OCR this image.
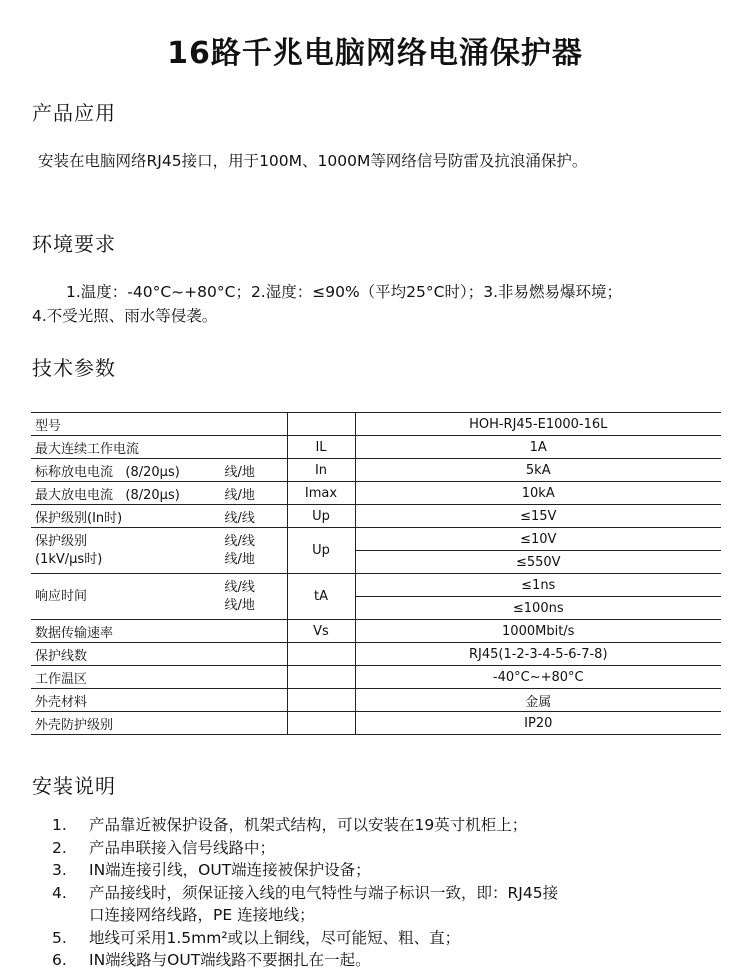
16路千兆电脑网络电涌保护器
产品应用
安装在电脑网络RJ45接口，用于100M、1000M等网络信号防雷及抗浪涌保护。
环境要求
1.温度：-40°C~+80°C；2.湿度：≤90%（平均25°C时）；3.非易燃易爆环境；
4.不受光照、雨水等侵袭。
技术参数
型号		HOH-RJ45-E1000-16L
最大连续工作电流	IL	1A

标称放电电流 (8/20μs) 线/地	In	5kA

最大放电电流 (8/20μs) 线/地	Imax	10kA

保护级别(In时) 线/线	Up	≤15V

保护级别
(1kV/μs时)
线/线
线/地	Up	≤10V
		≤550V

响应时间
线/线
线/地	tA	≤1ns
		≤100ns
数据传输速率	Vs	1000Mbit/s
保护线数		RJ45(1-2-3-4-5-6-7-8)
工作温区		-40°C~+80°C
外壳材料		金属
外壳防护级别		IP20
安装说明
1.	产品靠近被保护设备，机架式结构，可以安装在19英寸机柜上；
2.	产品串联接入信号线路中；
3.	IN端连接引线，OUT端连接被保护设备；
4.	产品接线时，须保证接入线的电气特性与端子标识一致，即：RJ45接
口连接网络线路，PE 连接地线；
5.	地线可采用1.5mm²或以上铜线，尽可能短、粗、直；
6.	IN端线路与OUT端线路不要捆扎在一起。
